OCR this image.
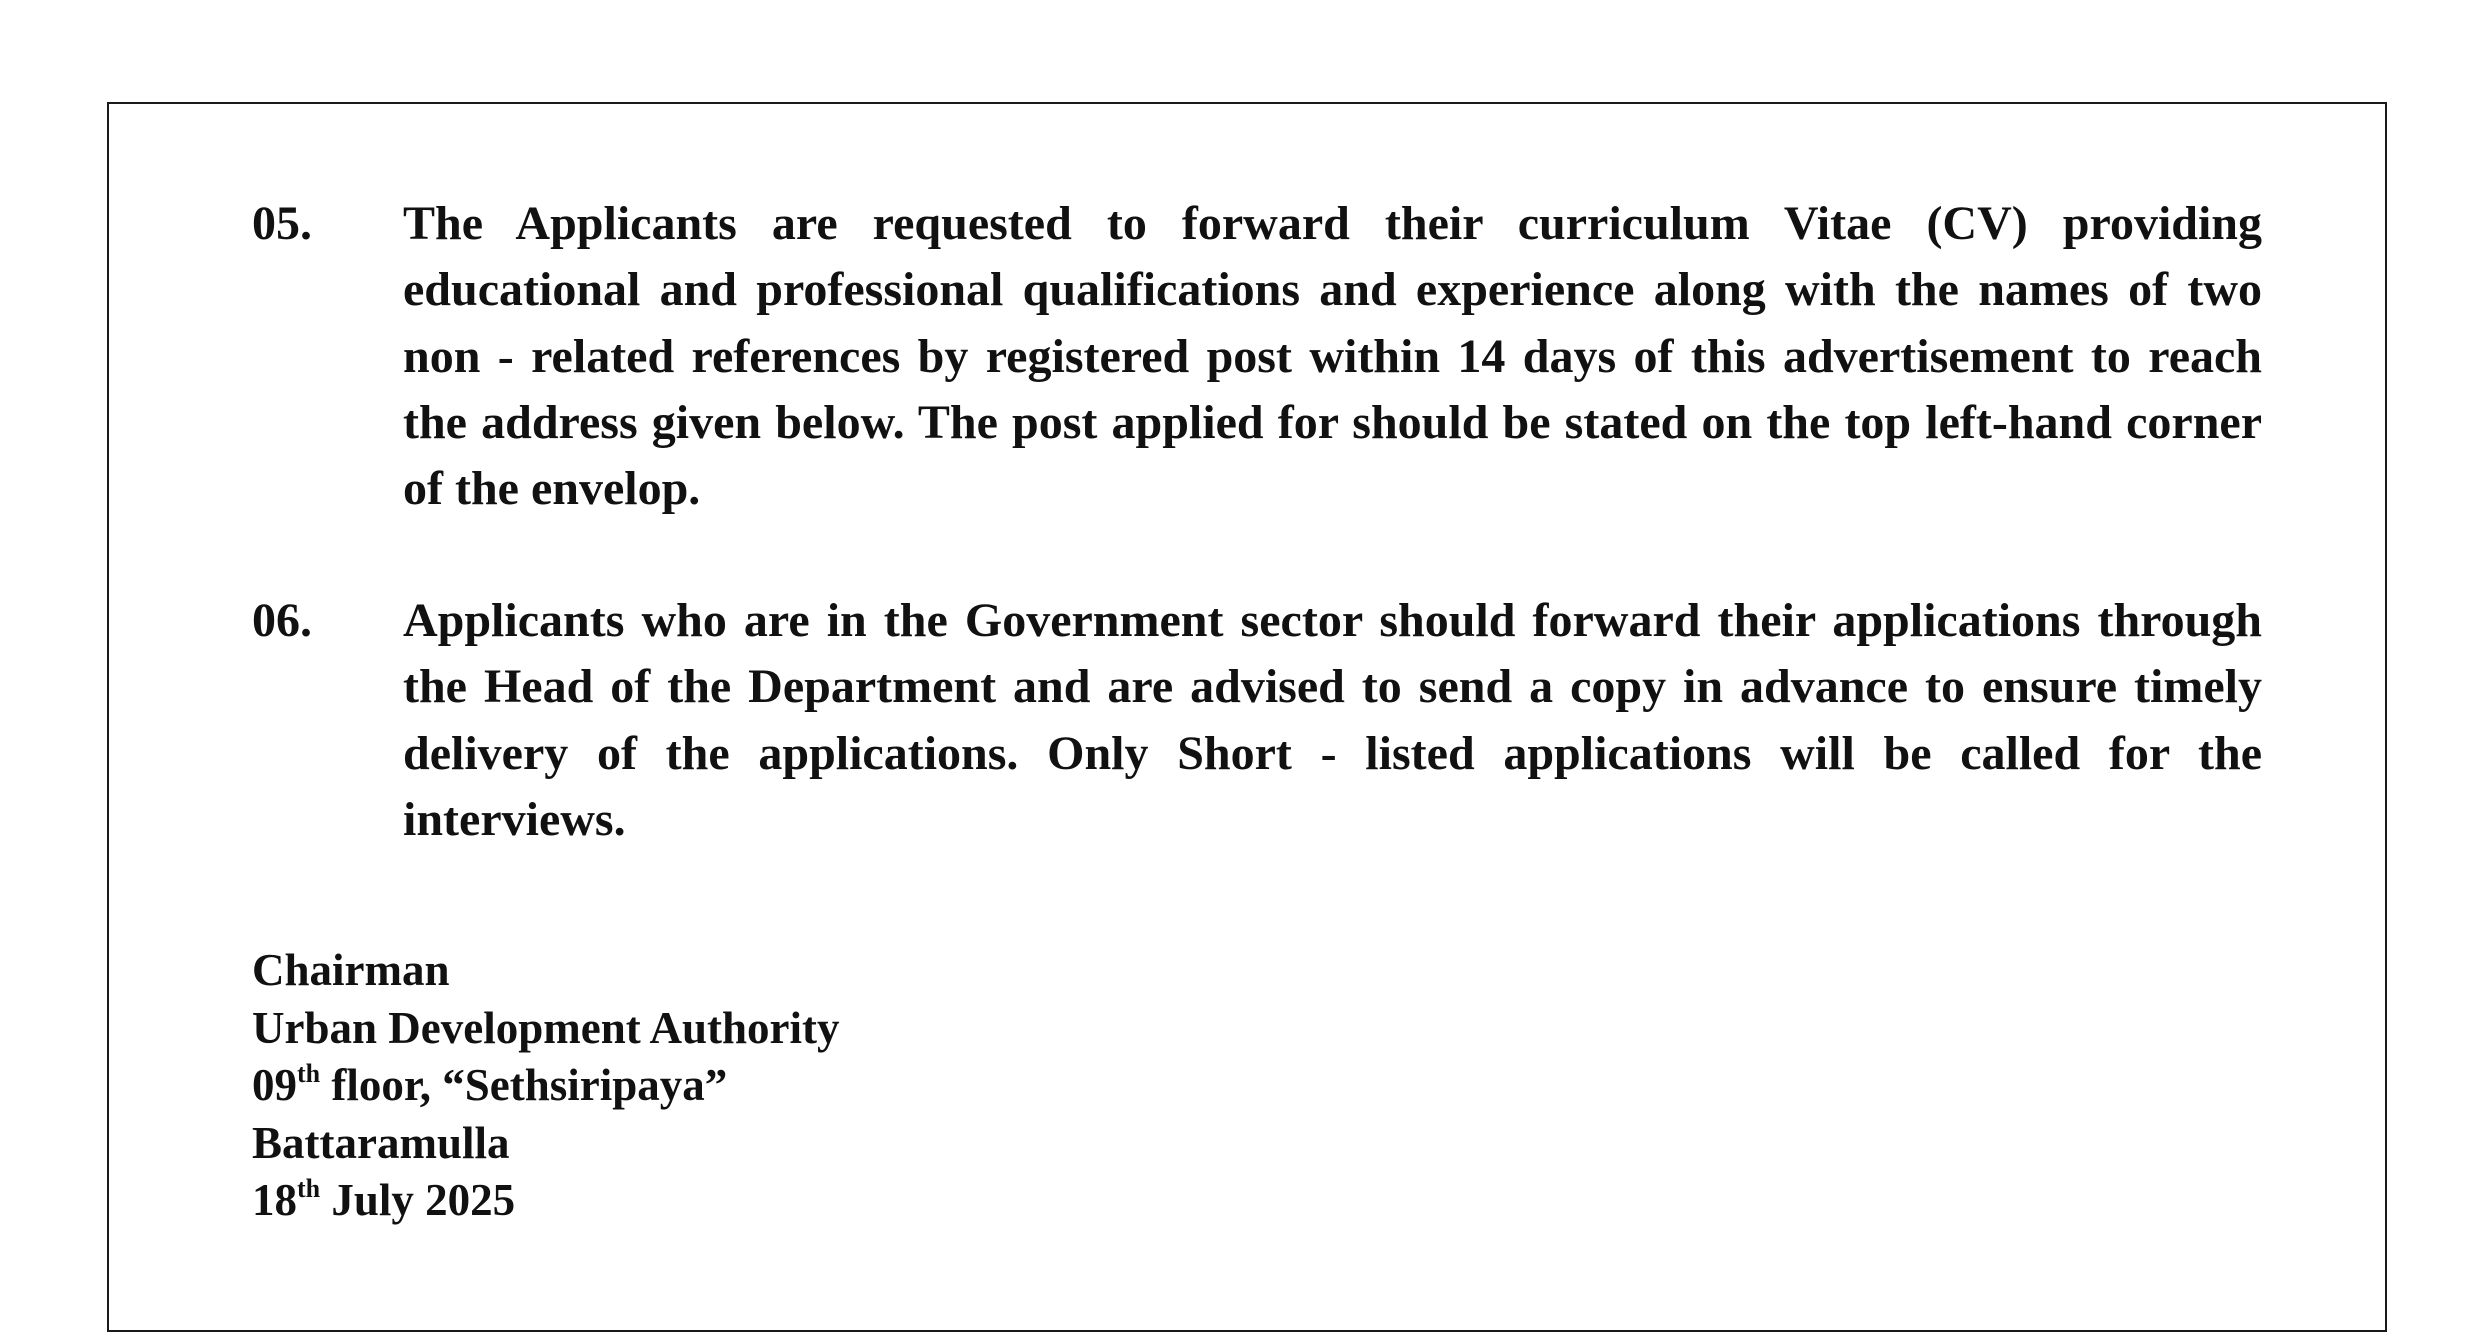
05. The Applicants are requested to forward their curriculum Vitae (CV) providing educational and professional qualifications and experience along with the names of two non - related references by registered post within 14 days of this advertisement to reach the address given below. The post applied for should be stated on the top left-hand corner of the envelop.
06. Applicants who are in the Government sector should forward their applications through the Head of the Department and are advised to send a copy in advance to ensure timely delivery of the applications. Only Short - listed applications will be called for the interviews.
Chairman
Urban Development Authority
09th floor, “Sethsiripaya”
Battaramulla
18th July 2025
